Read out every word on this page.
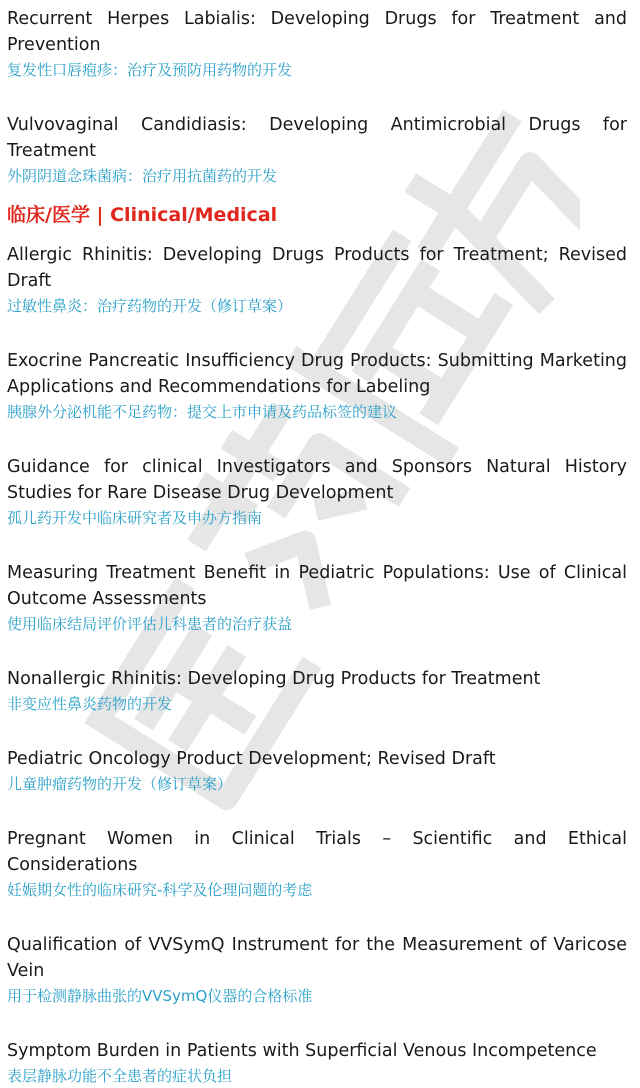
Recurrent Herpes Labialis: Developing Drugs for Treatment and Prevention
复发性口唇疱疹：治疗及预防用药物的开发
Vulvovaginal Candidiasis: Developing Antimicrobial Drugs for Treatment
外阴阴道念珠菌病：治疗用抗菌药的开发
临床/医学 | Clinical/Medical
Allergic Rhinitis: Developing Drugs Products for Treatment; Revised Draft
过敏性鼻炎：治疗药物的开发（修订草案）
Exocrine Pancreatic Insufficiency Drug Products: Submitting Marketing Applications and Recommendations for Labeling
胰腺外分泌机能不足药物：提交上市申请及药品标签的建议
Guidance for clinical Investigators and Sponsors Natural History Studies for Rare Disease Drug Development
孤儿药开发中临床研究者及申办方指南
Measuring Treatment Benefit in Pediatric Populations: Use of Clinical Outcome Assessments
使用临床结局评价评估儿科患者的治疗获益
Nonallergic Rhinitis: Developing Drug Products for Treatment
非变应性鼻炎药物的开发
Pediatric Oncology Product Development; Revised Draft
儿童肿瘤药物的开发（修订草案）
Pregnant Women in Clinical Trials – Scientific and Ethical Considerations
妊娠期女性的临床研究-科学及伦理问题的考虑
Qualification of VVSymQ Instrument for the Measurement of Varicose Vein
用于检测静脉曲张的VVSymQ仪器的合格标准
Symptom Burden in Patients with Superficial Venous Incompetence
表层静脉功能不全患者的症状负担
